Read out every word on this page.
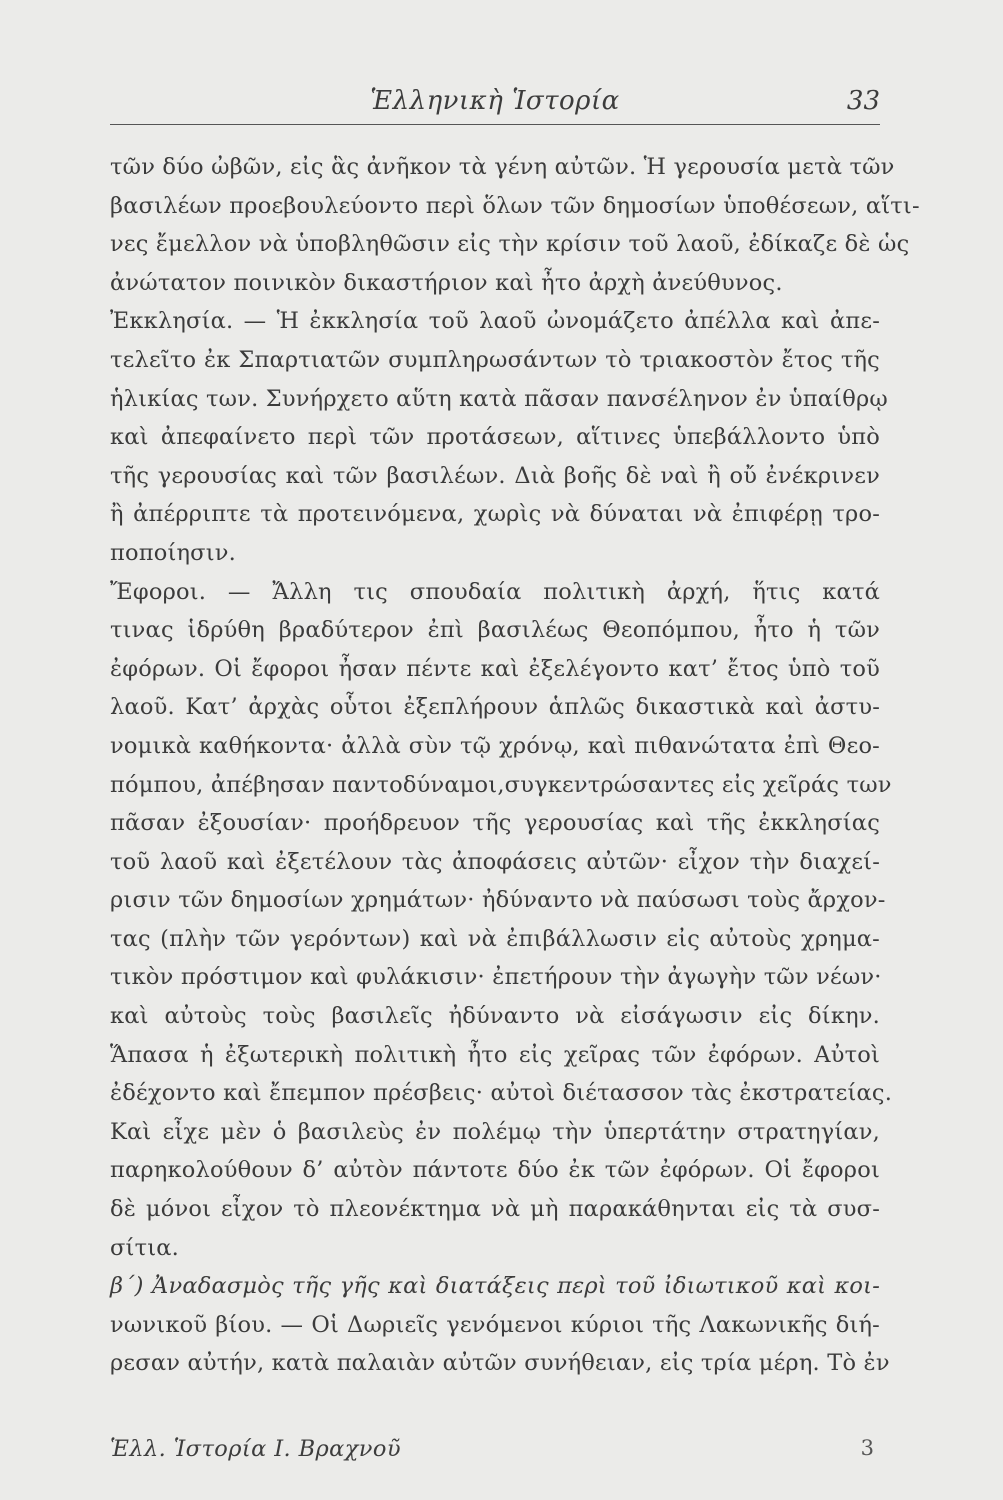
Ἑλληνικὴ Ἱστορία	33
τῶν δύο ὠβῶν, εἰς ἃς ἀνῆκον τὰ γένη αὐτῶν. Ἡ γερουσία μετὰ τῶν
βασιλέων προεβουλεύοντο περὶ ὅλων τῶν δημοσίων ὑποθέσεων, αἵτι-
νες ἔμελλον νὰ ὑποβληθῶσιν εἰς τὴν κρίσιν τοῦ λαοῦ, ἐδίκαζε δὲ ὡς
ἀνώτατον ποινικὸν δικαστήριον καὶ ἦτο ἀρχὴ ἀνεύθυνος.
Ἐκκλησία. — Ἡ ἐκκλησία τοῦ λαοῦ ὠνομάζετο ἀπέλλα καὶ ἀπε-
τελεῖτο ἐκ Σπαρτιατῶν συμπληρωσάντων τὸ τριακοστὸν ἔτος τῆς
ἡλικίας των. Συνήρχετο αὕτη κατὰ πᾶσαν πανσέληνον ἐν ὑπαίθρῳ
καὶ ἀπεφαίνετο περὶ τῶν προτάσεων, αἵτινες ὑπεβάλλοντο ὑπὸ
τῆς γερουσίας καὶ τῶν βασιλέων. Διὰ βοῆς δὲ ναὶ ἢ οὔ ἐνέκρινεν
ἢ ἀπέρριπτε τὰ προτεινόμενα, χωρὶς νὰ δύναται νὰ ἐπιφέρῃ τρο-
ποποίησιν.
Ἔφοροι. — Ἄλλη τις σπουδαία πολιτικὴ ἀρχή, ἥτις κατά
τινας ἱδρύθη βραδύτερον ἐπὶ βασιλέως Θεοπόμπου, ἦτο ἡ τῶν
ἐφόρων. Οἱ ἔφοροι ἦσαν πέντε καὶ ἐξελέγοντο κατ’ ἔτος ὑπὸ τοῦ
λαοῦ. Κατ’ ἀρχὰς οὗτοι ἐξεπλήρουν ἁπλῶς δικαστικὰ καὶ ἀστυ-
νομικὰ καθήκοντα· ἀλλὰ σὺν τῷ χρόνῳ, καὶ πιθανώτατα ἐπὶ Θεο-
πόμπου, ἀπέβησαν παντοδύναμοι,συγκεντρώσαντες εἰς χεῖράς των
πᾶσαν ἐξουσίαν· προήδρευον τῆς γερουσίας καὶ τῆς ἐκκλησίας
τοῦ λαοῦ καὶ ἐξετέλουν τὰς ἀποφάσεις αὐτῶν· εἶχον τὴν διαχεί-
ρισιν τῶν δημοσίων χρημάτων· ἠδύναντο νὰ παύσωσι τοὺς ἄρχον-
τας (πλὴν τῶν γερόντων) καὶ νὰ ἐπιβάλλωσιν εἰς αὐτοὺς χρημα-
τικὸν πρόστιμον καὶ φυλάκισιν· ἐπετήρουν τὴν ἀγωγὴν τῶν νέων·
καὶ αὐτοὺς τοὺς βασιλεῖς ἠδύναντο νὰ εἰσάγωσιν εἰς δίκην.
Ἅπασα ἡ ἐξωτερικὴ πολιτικὴ ἦτο εἰς χεῖρας τῶν ἐφόρων. Αὐτοὶ
ἐδέχοντο καὶ ἔπεμπον πρέσβεις· αὐτοὶ διέτασσον τὰς ἐκστρατείας.
Καὶ εἶχε μὲν ὁ βασιλεὺς ἐν πολέμῳ τὴν ὑπερτάτην στρατηγίαν,
παρηκολούθουν δ’ αὐτὸν πάντοτε δύο ἐκ τῶν ἐφόρων. Οἱ ἔφοροι
δὲ μόνοι εἶχον τὸ πλεονέκτημα νὰ μὴ παρακάθηνται εἰς τὰ συσ-
σίτια.
β΄) Ἀναδασμὸς τῆς γῆς καὶ διατάξεις περὶ τοῦ ἰδιωτικοῦ καὶ κοι-
νωνικοῦ βίου. — Οἱ Δωριεῖς γενόμενοι κύριοι τῆς Λακωνικῆς διή-
ρεσαν αὐτήν, κατὰ παλαιὰν αὐτῶν συνήθειαν, εἰς τρία μέρη. Τὸ ἐν
Ἑλλ. Ἱστορία Ι. Βραχνοῦ	3
